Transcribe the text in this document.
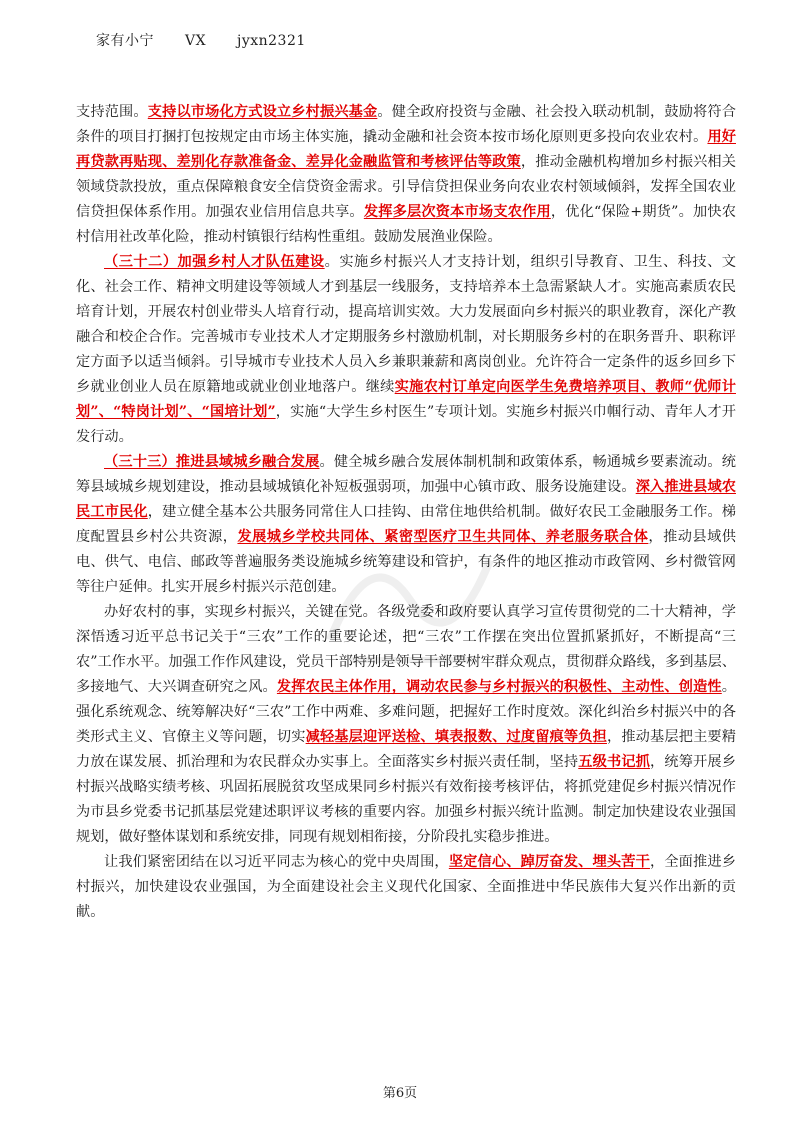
家有小宁 VX jyxn2321

支持范围。支持以市场化方式设立乡村振兴基金。健全政府投资与金融、社会投入联动机制，鼓励将符合条件的项目打捆打包按规定由市场主体实施，撬动金融和社会资本按市场化原则更多投向农业农村。用好再贷款再贴现、差别化存款准备金、差异化金融监管和考核评估等政策，推动金融机构增加乡村振兴相关领域贷款投放，重点保障粮食安全信贷资金需求。引导信贷担保业务向农业农村领域倾斜，发挥全国农业信贷担保体系作用。加强农业信用信息共享。发挥多层次资本市场支农作用，优化“保险+期货”。加快农村信用社改革化险，推动村镇银行结构性重组。鼓励发展渔业保险。

（三十二）加强乡村人才队伍建设。实施乡村振兴人才支持计划，组织引导教育、卫生、科技、文化、社会工作、精神文明建设等领域人才到基层一线服务，支持培养本土急需紧缺人才。实施高素质农民培育计划，开展农村创业带头人培育行动，提高培训实效。大力发展面向乡村振兴的职业教育，深化产教融合和校企合作。完善城市专业技术人才定期服务乡村激励机制，对长期服务乡村的在职务晋升、职称评定方面予以适当倾斜。引导城市专业技术人员入乡兼职兼薪和离岗创业。允许符合一定条件的返乡回乡下乡就业创业人员在原籍地或就业创业地落户。继续实施农村订单定向医学生免费培养项目、教师“优师计划”、“特岗计划”、“国培计划”，实施“大学生乡村医生”专项计划。实施乡村振兴巾帼行动、青年人才开发行动。

（三十三）推进县域城乡融合发展。健全城乡融合发展体制机制和政策体系，畅通城乡要素流动。统筹县域城乡规划建设，推动县域城镇化补短板强弱项，加强中心镇市政、服务设施建设。深入推进县域农民工市民化，建立健全基本公共服务同常住人口挂钩、由常住地供给机制。做好农民工金融服务工作。梯度配置县乡村公共资源，发展城乡学校共同体、紧密型医疗卫生共同体、养老服务联合体，推动县域供电、供气、电信、邮政等普遍服务类设施城乡统筹建设和管护，有条件的地区推动市政管网、乡村微管网等往户延伸。扎实开展乡村振兴示范创建。

办好农村的事，实现乡村振兴，关键在党。各级党委和政府要认真学习宣传贯彻党的二十大精神，学深悟透习近平总书记关于“三农”工作的重要论述，把“三农”工作摆在突出位置抓紧抓好，不断提高“三农”工作水平。加强工作作风建设，党员干部特别是领导干部要树牢群众观点，贯彻群众路线，多到基层、多接地气、大兴调查研究之风。发挥农民主体作用，调动农民参与乡村振兴的积极性、主动性、创造性。强化系统观念、统筹解决好“三农”工作中两难、多难问题，把握好工作时度效。深化纠治乡村振兴中的各类形式主义、官僚主义等问题，切实减轻基层迎评送检、填表报数、过度留痕等负担，推动基层把主要精力放在谋发展、抓治理和为农民群众办实事上。全面落实乡村振兴责任制，坚持五级书记抓，统筹开展乡村振兴战略实绩考核、巩固拓展脱贫攻坚成果同乡村振兴有效衔接考核评估，将抓党建促乡村振兴情况作为市县乡党委书记抓基层党建述职评议考核的重要内容。加强乡村振兴统计监测。制定加快建设农业强国规划，做好整体谋划和系统安排，同现有规划相衔接，分阶段扎实稳步推进。

让我们紧密团结在以习近平同志为核心的党中央周围，坚定信心、踔厉奋发、埋头苦干，全面推进乡村振兴，加快建设农业强国，为全面建设社会主义现代化国家、全面推进中华民族伟大复兴作出新的贡献。

第6页
